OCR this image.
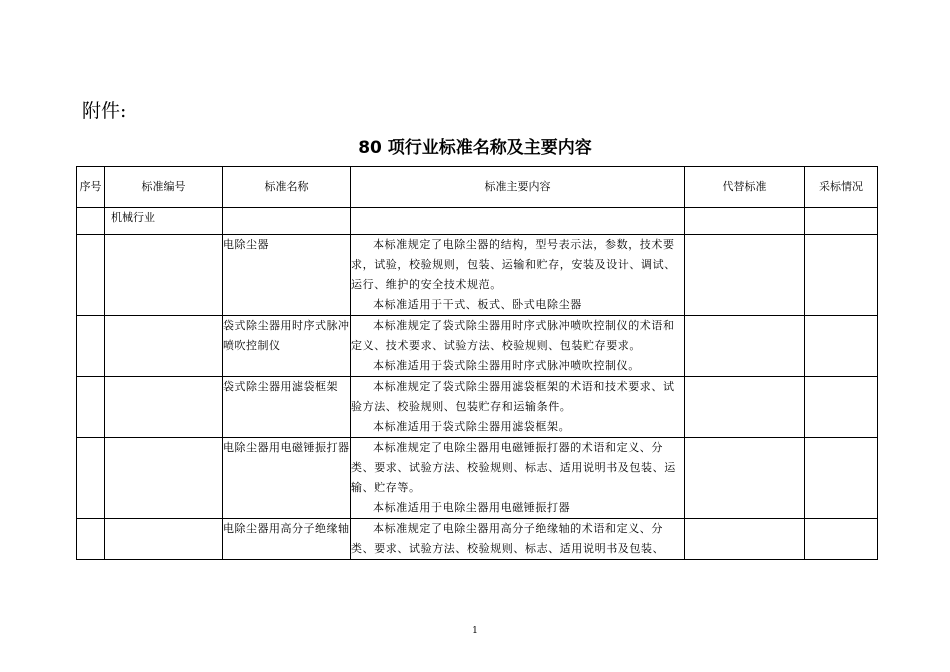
附件:
80 项行业标准名称及主要内容
序号	标准编号	标准名称	标准主要内容	代替标准	采标情况
	机械行业				
		电除尘器	本标准规定了电除尘器的结构，型号表示法，参数，技术要求，试验，校验规则，包装、运输和贮存，安装及设计、调试、运行、维护的安全技术规范。
本标准适用于干式、板式、卧式电除尘器		

		袋式除尘器用时序式脉冲喷吹控制仪	本标准规定了袋式除尘器用时序式脉冲喷吹控制仪的术语和定义、技术要求、试验方法、校验规则、包装贮存要求。
本标准适用于袋式除尘器用时序式脉冲喷吹控制仪。		

		袋式除尘器用滤袋框架	本标准规定了袋式除尘器用滤袋框架的术语和技术要求、试验方法、校验规则、包装贮存和运输条件。
本标准适用于袋式除尘器用滤袋框架。		

		电除尘器用电磁锤振打器	本标准规定了电除尘器用电磁锤振打器的术语和定义、分类、要求、试验方法、校验规则、标志、适用说明书及包装、运输、贮存等。
本标准适用于电除尘器用电磁锤振打器		

		电除尘器用高分子绝缘轴	本标准规定了电除尘器用高分子绝缘轴的术语和定义、分类、要求、试验方法、校验规则、标志、适用说明书及包装、		

1
